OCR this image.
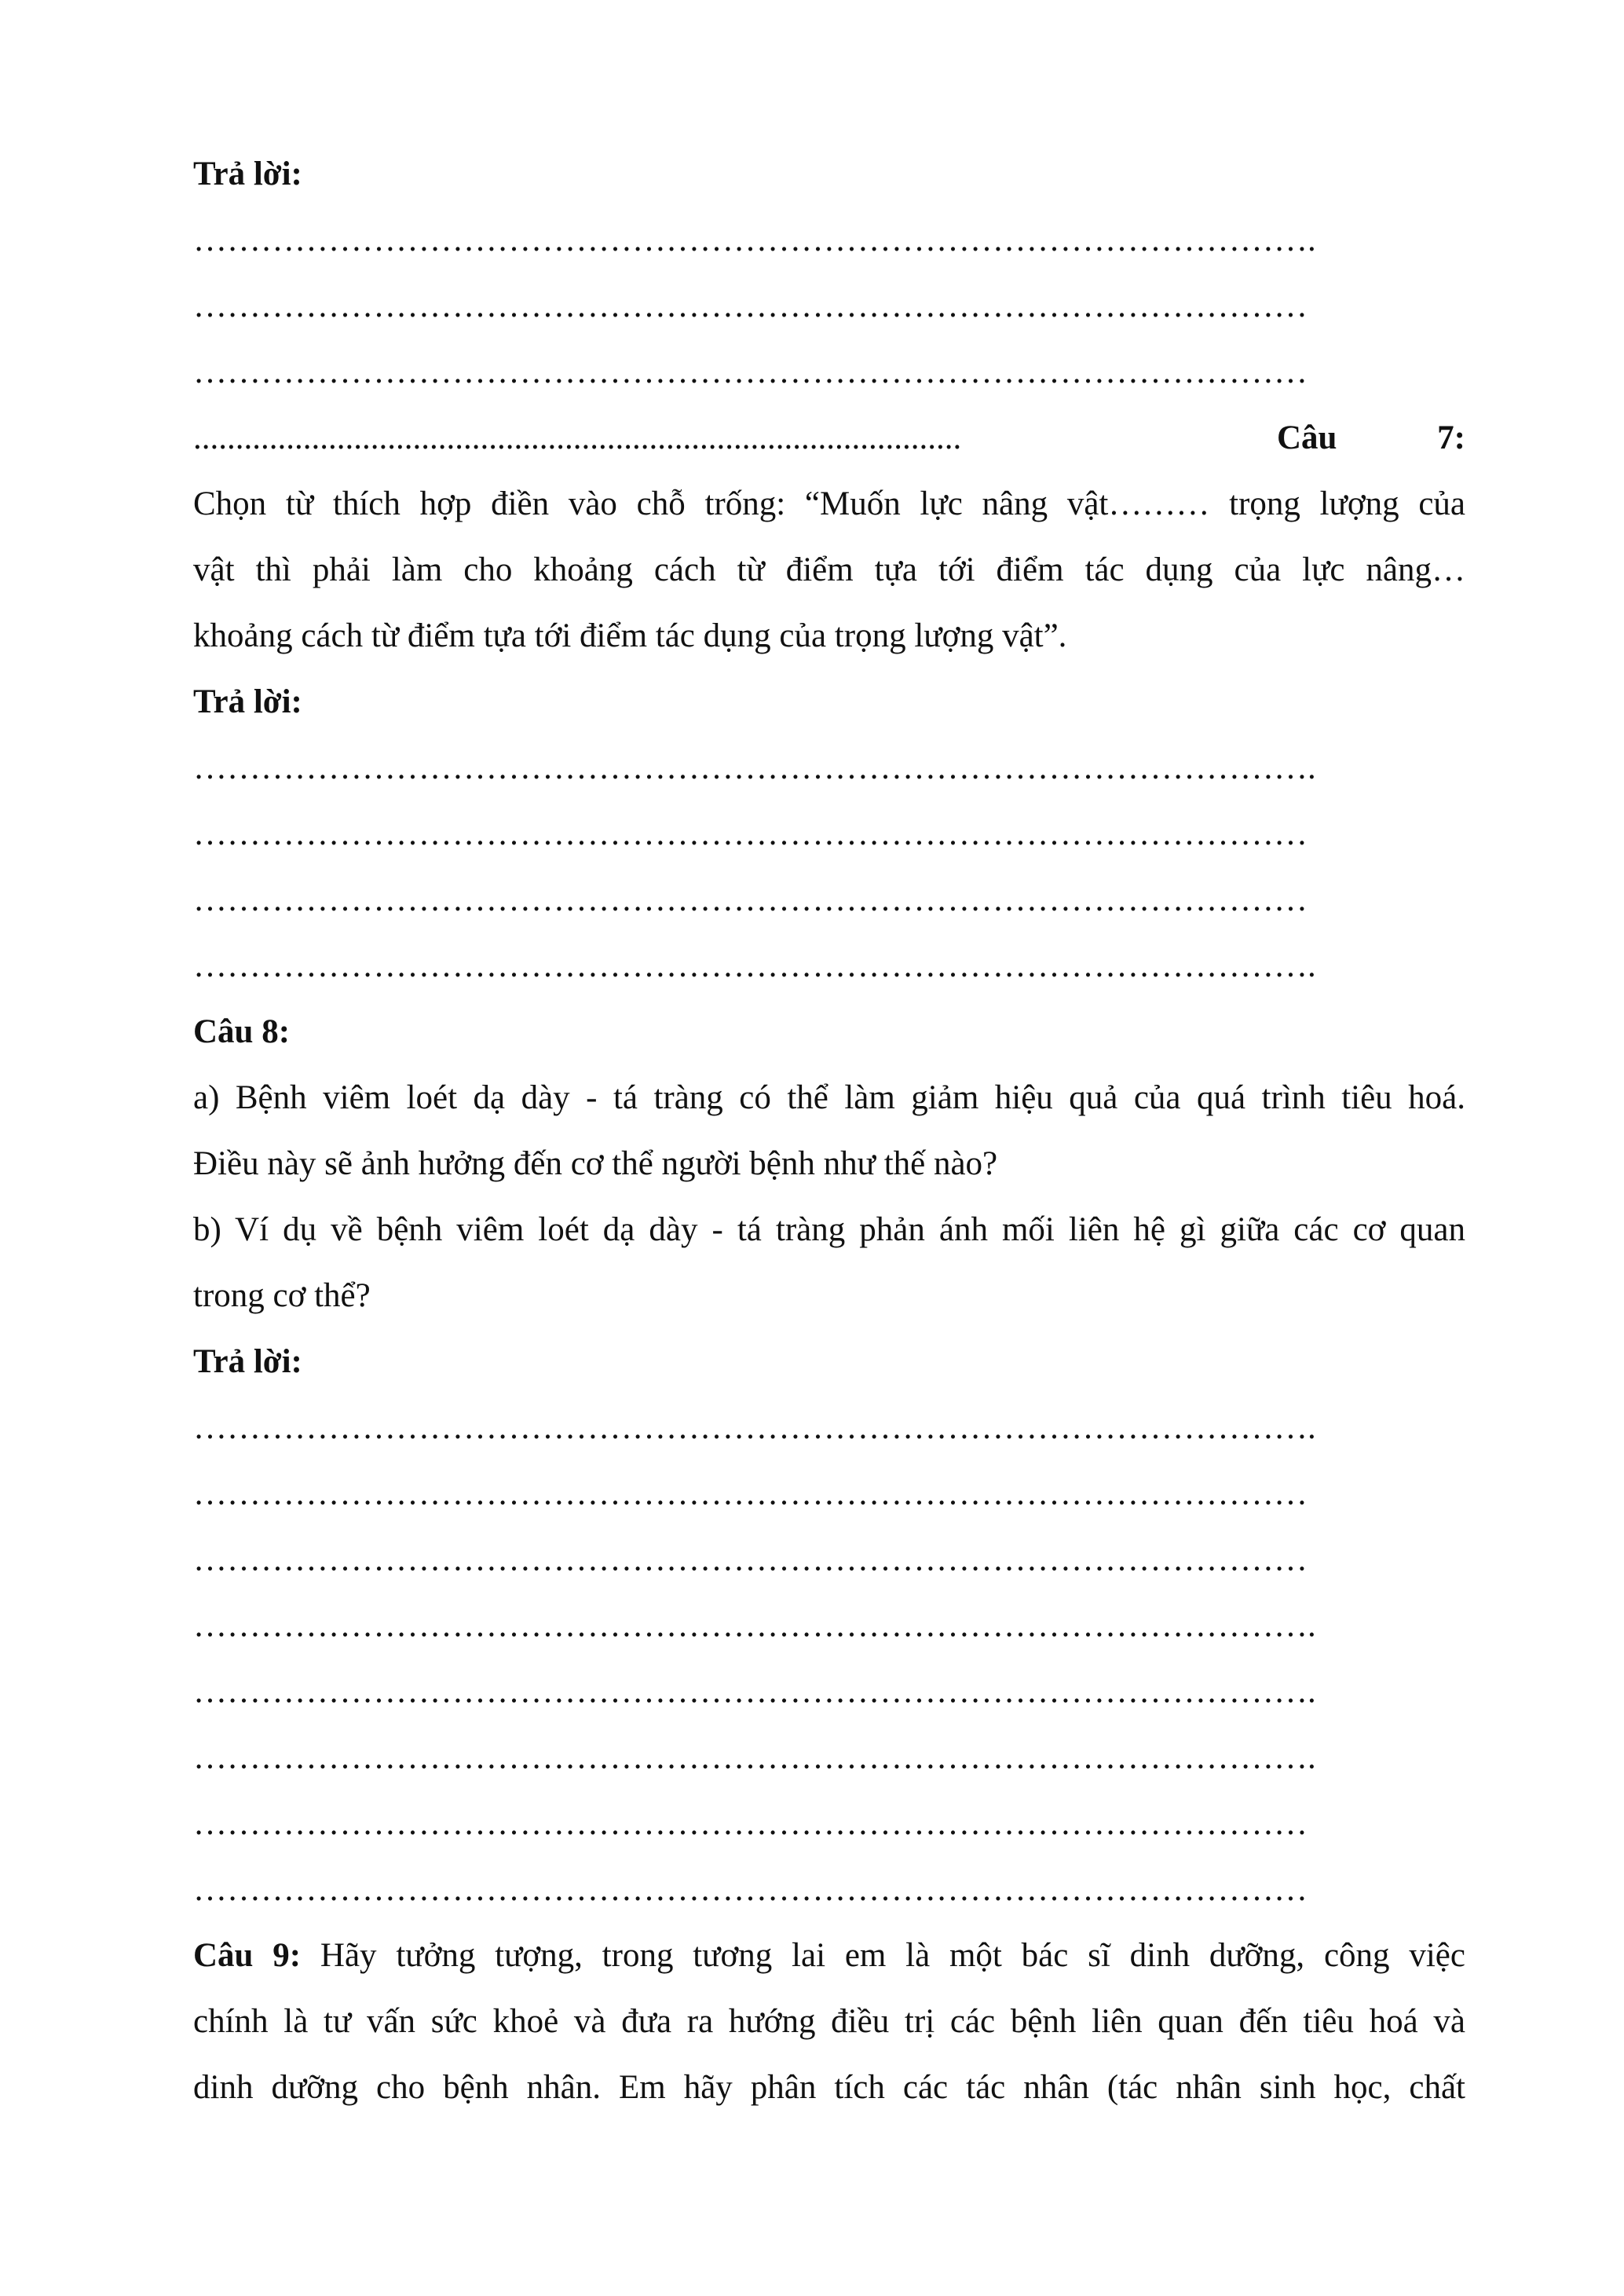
Trả lời:
……………………………………………………………………………………….
………………………………………………………………………………………
………………………………………………………………………………………
...........................................................................................	Câu	7:
Chọn từ thích hợp điền vào chỗ trống: “Muốn lực nâng vật……… trọng lượng của
vật thì phải làm cho khoảng cách từ điểm tựa tới điểm tác dụng của lực nâng…
khoảng cách từ điểm tựa tới điểm tác dụng của trọng lượng vật”.
Trả lời:
……………………………………………………………………………………….
………………………………………………………………………………………
………………………………………………………………………………………
……………………………………………………………………………………….
Câu 8:
a) Bệnh viêm loét dạ dày - tá tràng có thể làm giảm hiệu quả của quá trình tiêu hoá.
Điều này sẽ ảnh hưởng đến cơ thể người bệnh như thế nào?
b) Ví dụ về bệnh viêm loét dạ dày - tá tràng phản ánh mối liên hệ gì giữa các cơ quan
trong cơ thể?
Trả lời:
……………………………………………………………………………………….
………………………………………………………………………………………
………………………………………………………………………………………
……………………………………………………………………………………….
……………………………………………………………………………………….
……………………………………………………………………………………….
………………………………………………………………………………………
………………………………………………………………………………………
Câu 9: Hãy tưởng tượng, trong tương lai em là một bác sĩ dinh dưỡng, công việc
chính là tư vấn sức khoẻ và đưa ra hướng điều trị các bệnh liên quan đến tiêu hoá và
dinh dưỡng cho bệnh nhân. Em hãy phân tích các tác nhân (tác nhân sinh học, chất
